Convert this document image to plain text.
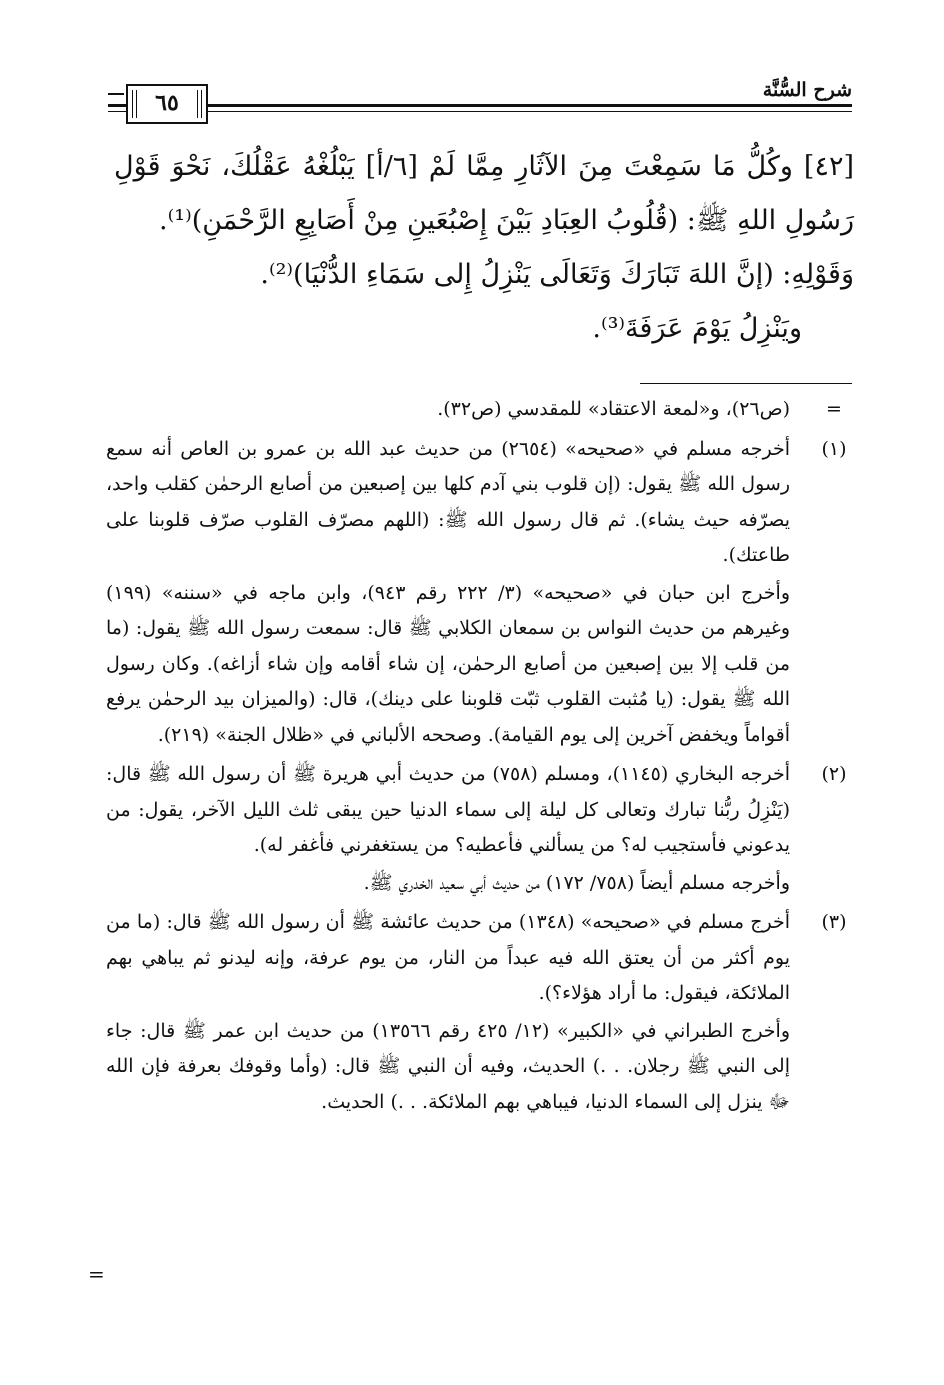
شرح السُّنَّة
٦٥

[٤٢] وكُلُّ مَا سَمِعْتَ مِنَ الآثَارِ مِمَّا لَمْ [٦/أ] يَبْلُغْهُ عَقْلُكَ، نَحْوَ قَوْلِ رَسُولِ اللهِ ﷺ: (قُلُوبُ العِبَادِ بَيْنَ إِصْبُعَينِ مِنْ أَصَابِعِ الرَّحْمَنِ)⁽¹⁾.

وَقَوْلِهِ: (إنَّ اللهَ تَبَارَكَ وَتَعَالَى يَنْزِلُ إِلى سَمَاءِ الدُّنْيَا)⁽²⁾.

ويَنْزِلُ يَوْمَ عَرَفَةَ⁽³⁾.

=

(ص٢٦)، و«لمعة الاعتقاد» للمقدسي (ص٣٢).

(١)

أخرجه مسلم في «صحيحه» (٢٦٥٤) من حديث عبد الله بن عمرو بن العاص أنه سمع رسول الله ﷺ يقول: (إن قلوب بني آدم كلها بين إصبعين من أصابع الرحمٰن كقلب واحد، يصرّفه حيث يشاء). ثم قال رسول الله ﷺ: (اللهم مصرّف القلوب صرّف قلوبنا على طاعتك).

وأخرج ابن حبان في «صحيحه» (٣/ ٢٢٢ رقم ٩٤٣)، وابن ماجه في «سننه» (١٩٩) وغيرهم من حديث النواس بن سمعان الكلابي ﷺ قال: سمعت رسول الله ﷺ يقول: (ما من قلب إلا بين إصبعين من أصابع الرحمٰن، إن شاء أقامه وإن شاء أزاغه). وكان رسول الله ﷺ يقول: (يا مُثبت القلوب ثبّت قلوبنا على دينك)، قال: (والميزان بيد الرحمٰن يرفع أقواماً ويخفض آخرين إلى يوم القيامة). وصححه الألباني في «ظلال الجنة» (٢١٩).

(٢)

أخرجه البخاري (١١٤٥)، ومسلم (٧٥٨) من حديث أبي هريرة ﷺ أن رسول الله ﷺ قال: (يَنْزِلُ ربُّنا تبارك وتعالى كل ليلة إلى سماء الدنيا حين يبقى ثلث الليل الآخر، يقول: من يدعوني فأستجيب له؟ من يسألني فأعطيه؟ من يستغفرني فأغفر له).

وأخرجه مسلم أيضاً (٧٥٨/ ١٧٢) من حديث أبي سعيد الخدري ﷺ.

(٣)

أخرج مسلم في «صحيحه» (١٣٤٨) من حديث عائشة ﷺ أن رسول الله ﷺ قال: (ما من يوم أكثر من أن يعتق الله فيه عبداً من النار، من يوم عرفة، وإنه ليدنو ثم يباهي بهم الملائكة، فيقول: ما أراد هؤلاء؟).

وأخرج الطبراني في «الكبير» (١٢/ ٤٢٥ رقم ١٣٥٦٦) من حديث ابن عمر ﷺ قال: جاء إلى النبي ﷺ رجلان. . .) الحديث، وفيه أن النبي ﷺ قال: (وأما وقوفك بعرفة فإن الله ﷻ ينزل إلى السماء الدنيا، فيباهي بهم الملائكة. . .) الحديث.

=
